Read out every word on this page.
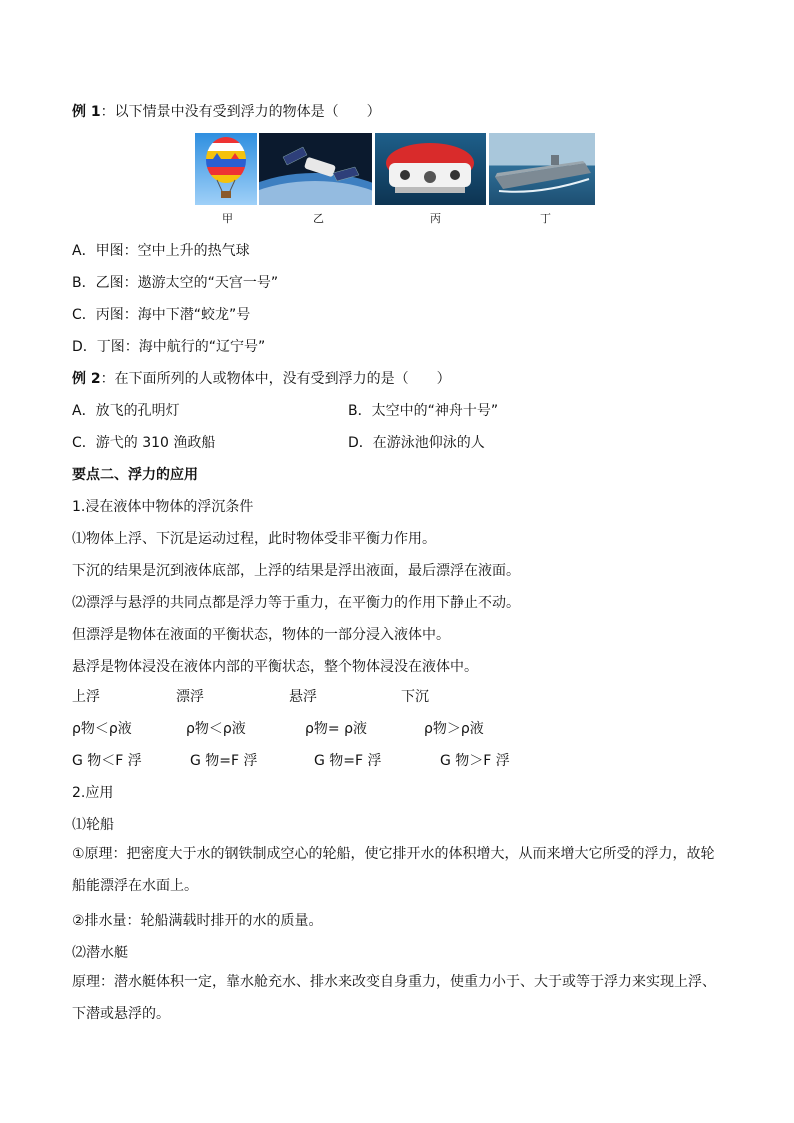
例 1：以下情景中没有受到浮力的物体是（　　）
甲	乙	丙	丁
A．甲图：空中上升的热气球
B．乙图：遨游太空的“天宫一号”
C．丙图：海中下潜“蛟龙”号
D．丁图：海中航行的“辽宁号”
例 2：在下面所列的人或物体中，没有受到浮力的是（　　）
A．放飞的孔明灯	B．太空中的“神舟十号”
C．游弋的 310 渔政船	D．在游泳池仰泳的人
要点二、浮力的应用
1.浸在液体中物体的浮沉条件
⑴物体上浮、下沉是运动过程，此时物体受非平衡力作用。
下沉的结果是沉到液体底部，上浮的结果是浮出液面，最后漂浮在液面。
⑵漂浮与悬浮的共同点都是浮力等于重力，在平衡力的作用下静止不动。
但漂浮是物体在液面的平衡状态，物体的一部分浸入液体中。
悬浮是物体浸没在液体内部的平衡状态，整个物体浸没在液体中。
上浮	漂浮	悬浮	下沉
ρ物＜ρ液	ρ物＜ρ液	ρ物= ρ液	ρ物＞ρ液
G 物＜F 浮	G 物=F 浮	G 物=F 浮	G 物＞F 浮
2.应用
⑴轮船
①原理：把密度大于水的钢铁制成空心的轮船，使它排开水的体积增大，从而来增大它所受的浮力，故轮船能漂浮在水面上。
②排水量：轮船满载时排开的水的质量。
⑵潜水艇
原理：潜水艇体积一定，靠水舱充水、排水来改变自身重力，使重力小于、大于或等于浮力来实现上浮、下潜或悬浮的。
